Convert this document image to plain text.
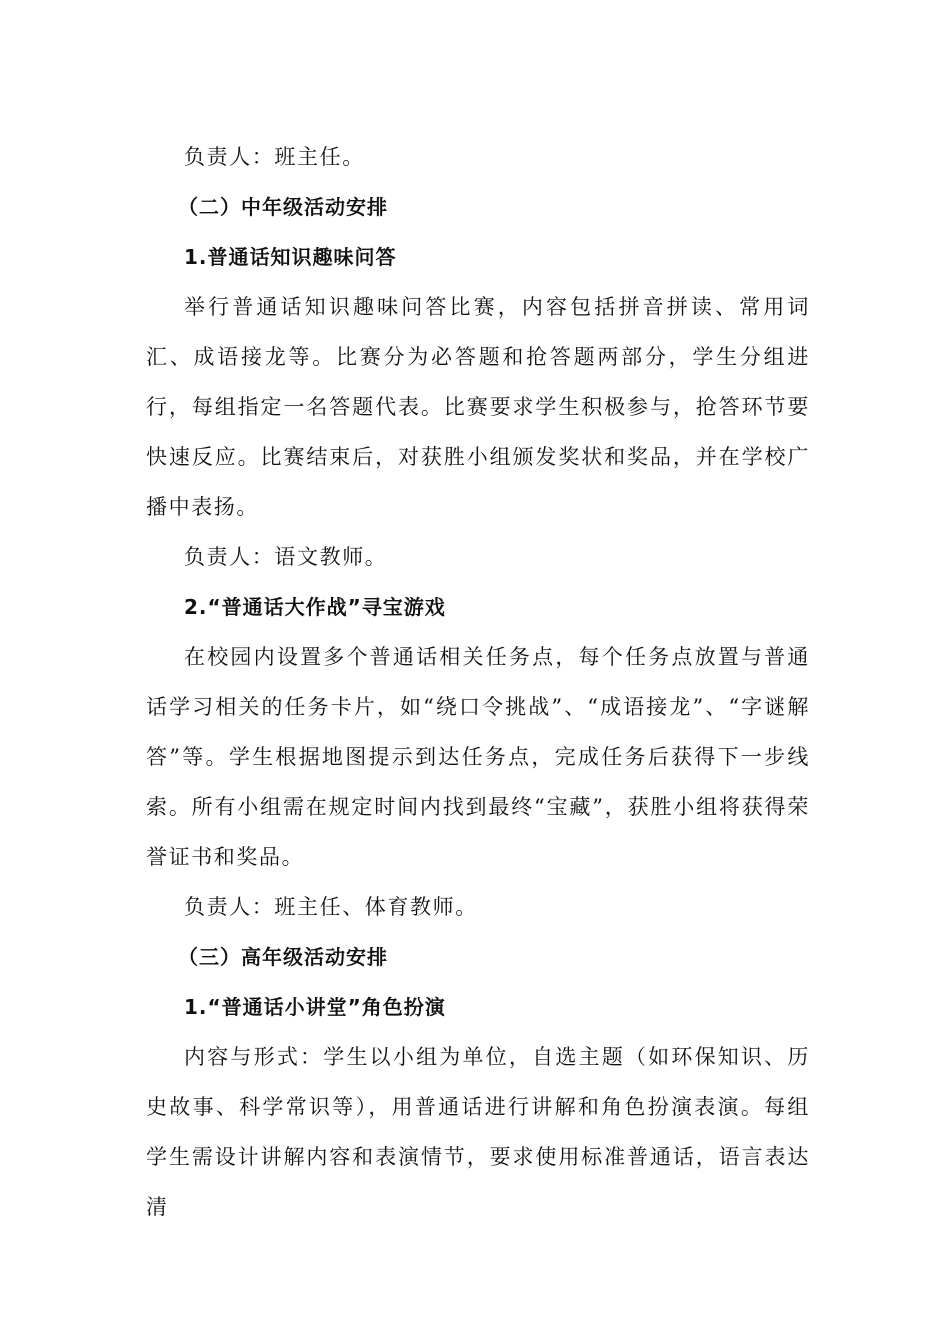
负责人：班主任。
（二）中年级活动安排
1.普通话知识趣味问答

举行普通话知识趣味问答比赛，内容包括拼音拼读、常用词汇、成语接龙等。比赛分为必答题和抢答题两部分，学生分组进行，每组指定一名答题代表。比赛要求学生积极参与，抢答环节要快速反应。比赛结束后，对获胜小组颁发奖状和奖品，并在学校广播中表扬。

负责人：语文教师。
2.“普通话大作战”寻宝游戏

在校园内设置多个普通话相关任务点，每个任务点放置与普通话学习相关的任务卡片，如“绕口令挑战”、“成语接龙”、“字谜解答”等。学生根据地图提示到达任务点，完成任务后获得下一步线索。所有小组需在规定时间内找到最终“宝藏”，获胜小组将获得荣誉证书和奖品。

负责人：班主任、体育教师。
（三）高年级活动安排
1.“普通话小讲堂”角色扮演

内容与形式：学生以小组为单位，自选主题（如环保知识、历史故事、科学常识等），用普通话进行讲解和角色扮演表演。每组学生需设计讲解内容和表演情节，要求使用标准普通话，语言表达清
